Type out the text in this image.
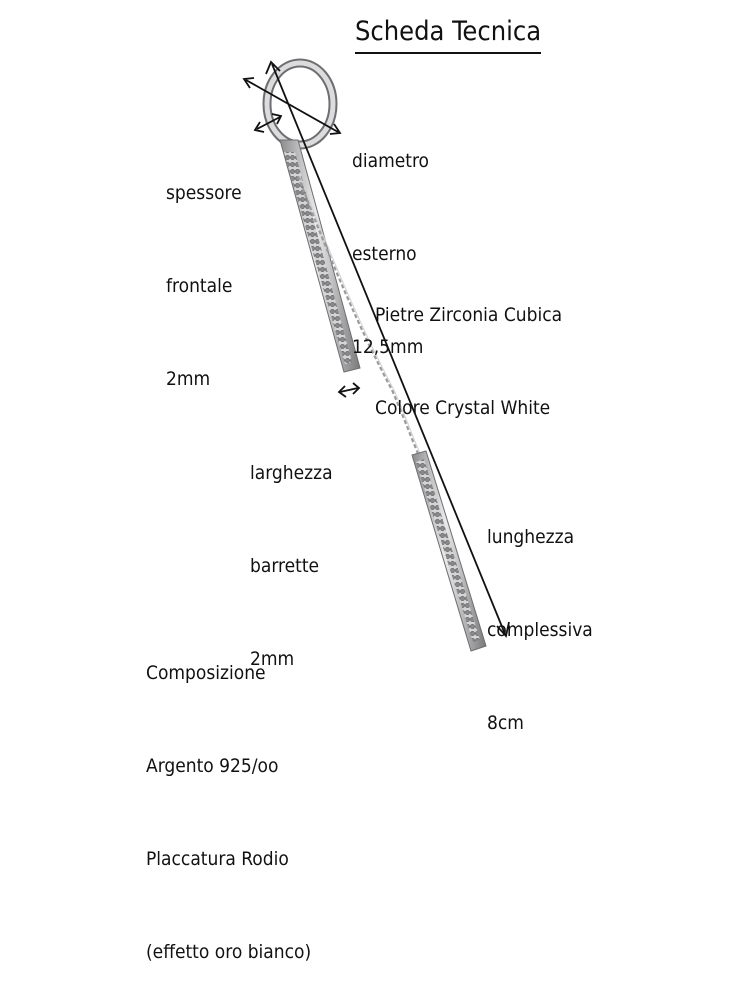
Scheda Tecnica

diametro

esterno

12,5mm

spessore

frontale

2mm

Pietre Zirconia Cubica

Colore Crystal White

larghezza

barrette

2mm

lunghezza

complessiva

8cm

Composizione

Argento 925/oo

Placcatura Rodio

(effetto oro bianco)
